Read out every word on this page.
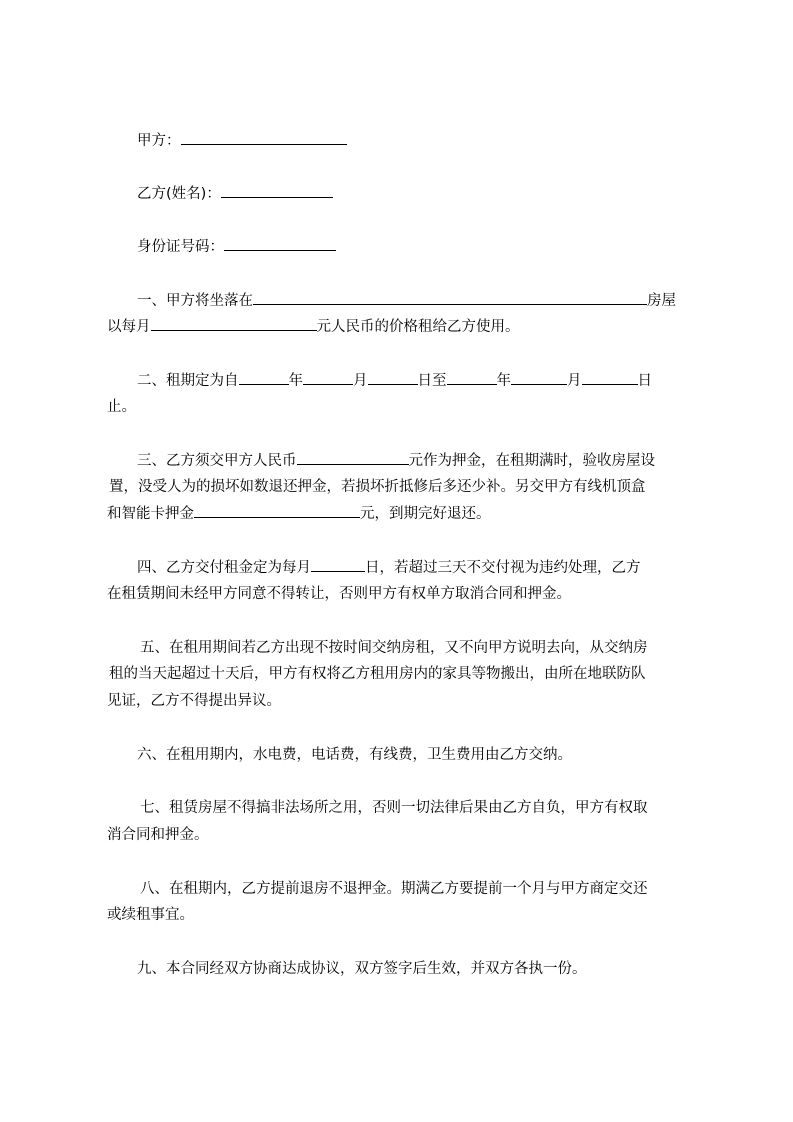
甲方：
乙方(姓名)：
身份证号码：
一、甲方将坐落在	房屋
以每月	元人民币的价格租给乙方使用。
二、租期定为自	年	月	日至	年	月	日
止。
三、乙方须交甲方人民币	元作为押金，在租期满时，验收房屋设
置，没受人为的损坏如数退还押金，若损坏折抵修后多还少补。另交甲方有线机顶盒
和智能卡押金	元，到期完好退还。
四、乙方交付租金定为每月	日，若超过三天不交付视为违约处理，乙方
在租赁期间未经甲方同意不得转让，否则甲方有权单方取消合同和押金。
五、在租用期间若乙方出现不按时间交纳房租，又不向甲方说明去向，从交纳房
租的当天起超过十天后，甲方有权将乙方租用房内的家具等物搬出，由所在地联防队
见证，乙方不得提出异议。
六、在租用期内，水电费，电话费，有线费，卫生费用由乙方交纳。
七、租赁房屋不得搞非法场所之用，否则一切法律后果由乙方自负，甲方有权取
消合同和押金。
八、在租期内，乙方提前退房不退押金。期满乙方要提前一个月与甲方商定交还
或续租事宜。
九、本合同经双方协商达成协议，双方签字后生效，并双方各执一份。
